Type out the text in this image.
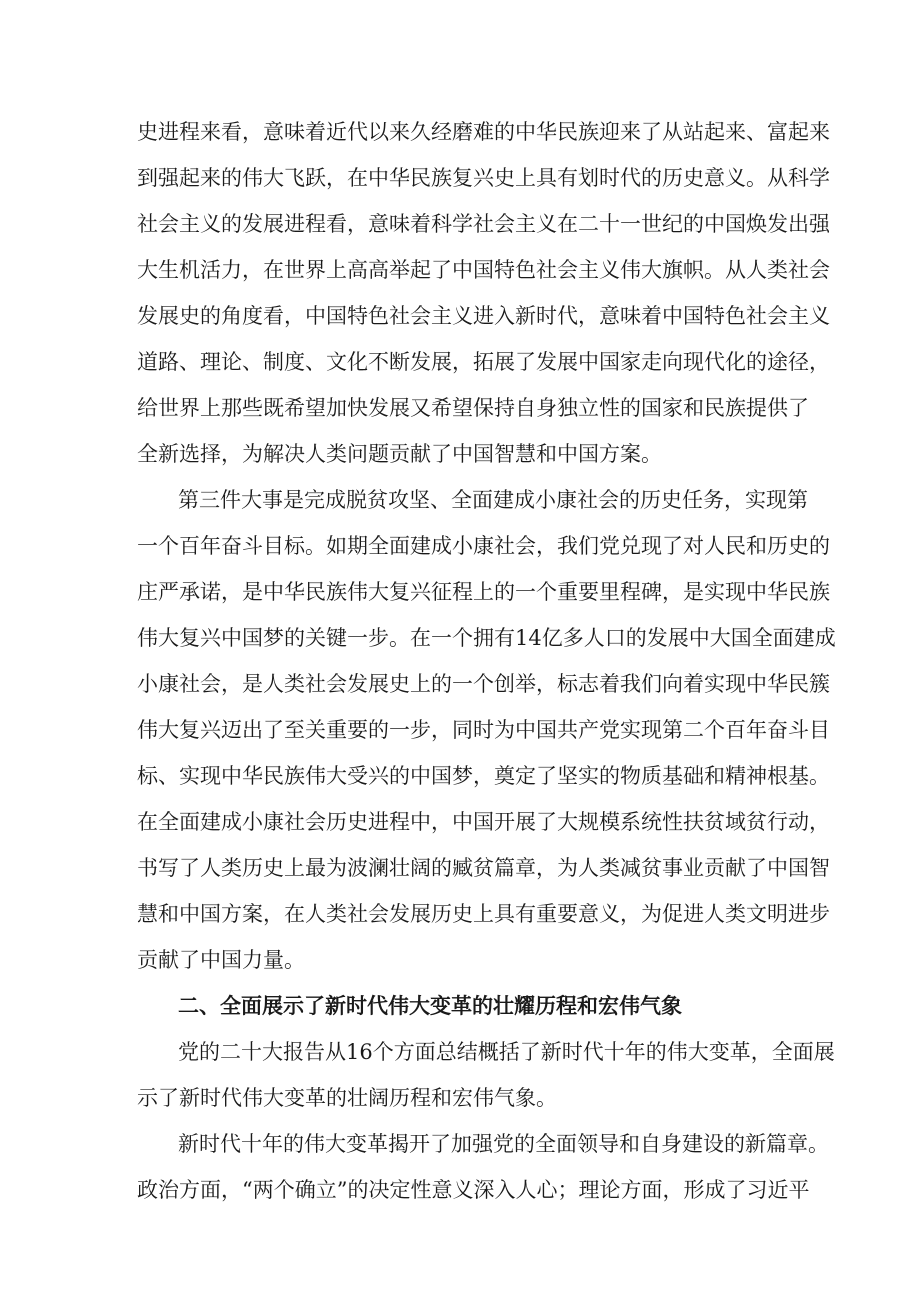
史进程来看，意味着近代以来久经磨难的中华民族迎来了从站起来、富起来
到强起来的伟大飞跃，在中华民族复兴史上具有划时代的历史意义。从科学
社会主义的发展进程看，意味着科学社会主义在二十一世纪的中国焕发出强
大生机活力，在世界上高高举起了中国特色社会主义伟大旗帜。从人类社会
发展史的角度看，中国特色社会主义进入新时代，意味着中国特色社会主义
道路、理论、制度、文化不断发展，拓展了发展中国家走向现代化的途径，
给世界上那些既希望加快发展又希望保持自身独立性的国家和民族提供了
全新选择，为解决人类问题贡献了中国智慧和中国方案。
第三件大事是完成脱贫攻坚、全面建成小康社会的历史任务，实现第
一个百年奋斗目标。如期全面建成小康社会，我们党兑现了对人民和历史的
庄严承诺，是中华民族伟大复兴征程上的一个重要里程碑，是实现中华民族
伟大复兴中国梦的关键一步。在一个拥有14亿多人口的发展中大国全面建成
小康社会，是人类社会发展史上的一个创举，标志着我们向着实现中华民簇
伟大复兴迈出了至关重要的一步，同时为中国共产党实现第二个百年奋斗目
标、实现中华民族伟大受兴的中国梦，奠定了坚实的物质基础和精神根基。
在全面建成小康社会历史进程中，中国开展了大规模系统性扶贫域贫行动，
书写了人类历史上最为波澜壮阔的臧贫篇章，为人类减贫事业贡献了中国智
慧和中国方案，在人类社会发展历史上具有重要意义，为促进人类文明进步
贡献了中国力量。
二、全面展示了新时代伟大变革的壮耀历程和宏伟气象
党的二十大报告从16个方面总结概括了新时代十年的伟大变革，全面展
示了新时代伟大变革的壮阔历程和宏伟气象。
新时代十年的伟大变革揭开了加强党的全面领导和自身建设的新篇章。
政治方面，“两个确立”的决定性意义深入人心；理论方面，形成了习近平
